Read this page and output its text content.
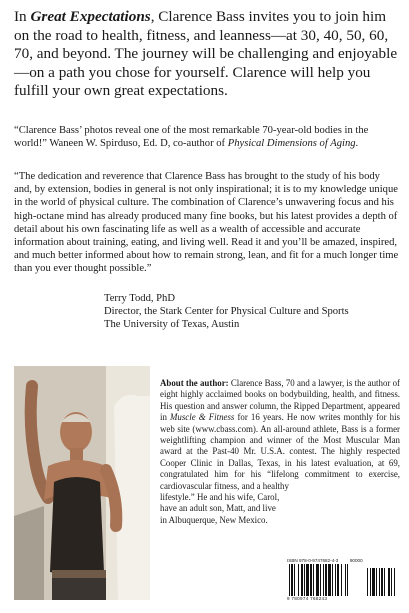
In Great Expectations, Clarence Bass invites you to join him on the road to health, fitness, and leanness—at 30, 40, 50, 60, 70, and beyond. The journey will be challenging and enjoyable—on a path you chose for yourself. Clarence will help you fulfill your own great expectations.
“Clarence Bass’ photos reveal one of the most remarkable 70-year-old bodies in the world!” Waneen W. Spirduso, Ed. D, co-author of Physical Dimensions of Aging.
“The dedication and reverence that Clarence Bass has brought to the study of his body and, by extension, bodies in general is not only inspirational; it is to my knowledge unique in the world of physical culture. The combination of Clarence’s unwavering focus and his high-octane mind has already produced many fine books, but his latest provides a depth of detail about his own fascinating life as well as a wealth of accessible and accurate information about training, eating, and living well. Read it and you’ll be amazed, inspired, and much better informed about how to remain strong, lean, and fit for a much longer time than you ever thought possible.”
Terry Todd, PhD
Director, the Stark Center for Physical Culture and Sports
The University of Texas, Austin
About the author: Clarence Bass, 70 and a lawyer, is the author of eight highly acclaimed books on bodybuilding, health, and fitness. His question and answer column, the Ripped Department, appeared in Muscle & Fitness for 16 years. He now writes monthly for his web site (www.cbass.com). An all-around athlete, Bass is a former weightlifting champion and winner of the Most Muscular Man award at the Past-40 Mr. U.S.A. contest. The highly respected Cooper Clinic in Dallas, Texas, in his latest evaluation, at 69, congratulated him for his “lifelong commitment to exercise, cardiovascular fitness, and a healthy
lifestyle.” He and his wife, Carol, have an adult son, Matt, and live in Albuquerque, New Mexico.
ISBN 978-0-9747682-4-3	90000
9 780974 768243
